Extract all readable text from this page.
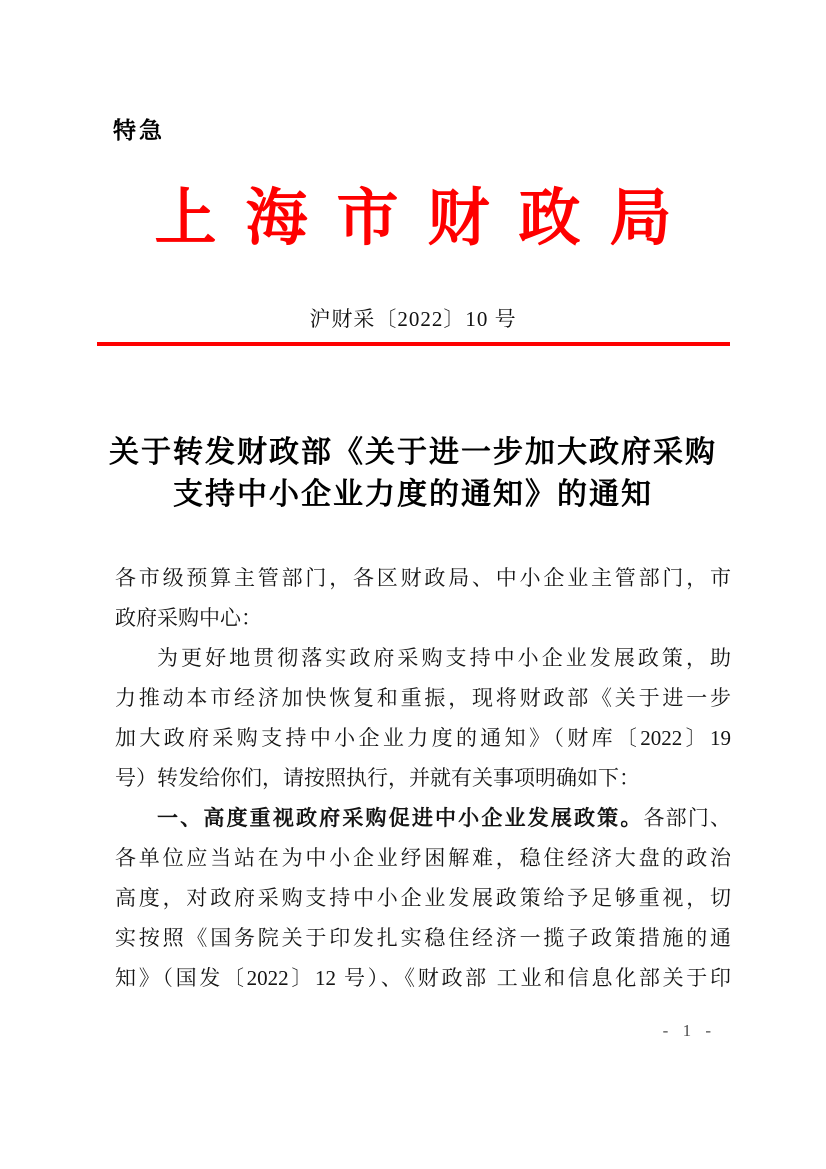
特急
上海市财政局
沪财采〔2022〕10 号
关于转发财政部《关于进一步加大政府采购
支持中小企业力度的通知》的通知
各市级预算主管部门，各区财政局、中小企业主管部门，市
政府采购中心：
为更好地贯彻落实政府采购支持中小企业发展政策，助
力推动本市经济加快恢复和重振，现将财政部《关于进一步
加大政府采购支持中小企业力度的通知》（财库〔2022〕19
号）转发给你们，请按照执行，并就有关事项明确如下：
一、高度重视政府采购促进中小企业发展政策。各部门、
各单位应当站在为中小企业纾困解难，稳住经济大盘的政治
高度，对政府采购支持中小企业发展政策给予足够重视，切
实按照《国务院关于印发扎实稳住经济一揽子政策措施的通
知》（国发〔2022〕12 号）、《财政部 工业和信息化部关于印
- 1 -
